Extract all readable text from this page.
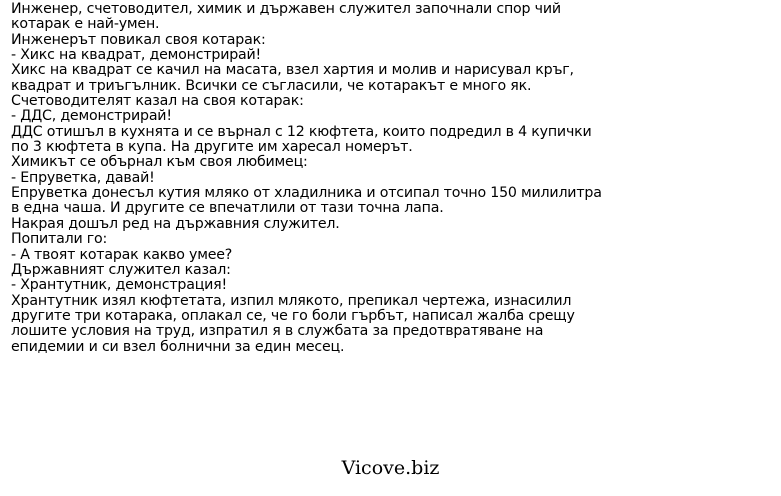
Инженер, счетоводител, химик и държавен служител започнали спор чий
котарак е най-умен.
Инженерът повикал своя котарак:
- Хикс на квадрат, демонстрирай!
Хикс на квадрат се качил на масата, взел хартия и молив и нарисувал кръг,
квадрат и триъгълник. Всички се съгласили, че котаракът е много як.
Счетоводителят казал на своя котарак:
- ДДС, демонстрирай!
ДДС отишъл в кухнята и се върнал с 12 кюфтета, които подредил в 4 купички
по 3 кюфтета в купа. На другите им харесал номерът.
Химикът се обърнал към своя любимец:
- Епруветка, давай!
Епруветка донесъл кутия мляко от хладилника и отсипал точно 150 милилитра
в една чаша. И другите се впечатлили от тази точна лапа.
Накрая дошъл ред на държавния служител.
Попитали го:
- А твоят котарак какво умее?
Държавният служител казал:
- Хрантутник, демонстрация!
Хрантутник изял кюфтетата, изпил млякото, препикал чертежа, изнасилил
другите три котарака, оплакал се, че го боли гърбът, написал жалба срещу
лошите условия на труд, изпратил я в службата за предотвратяване на
епидемии и си взел болнични за един месец.
Vicove.biz
